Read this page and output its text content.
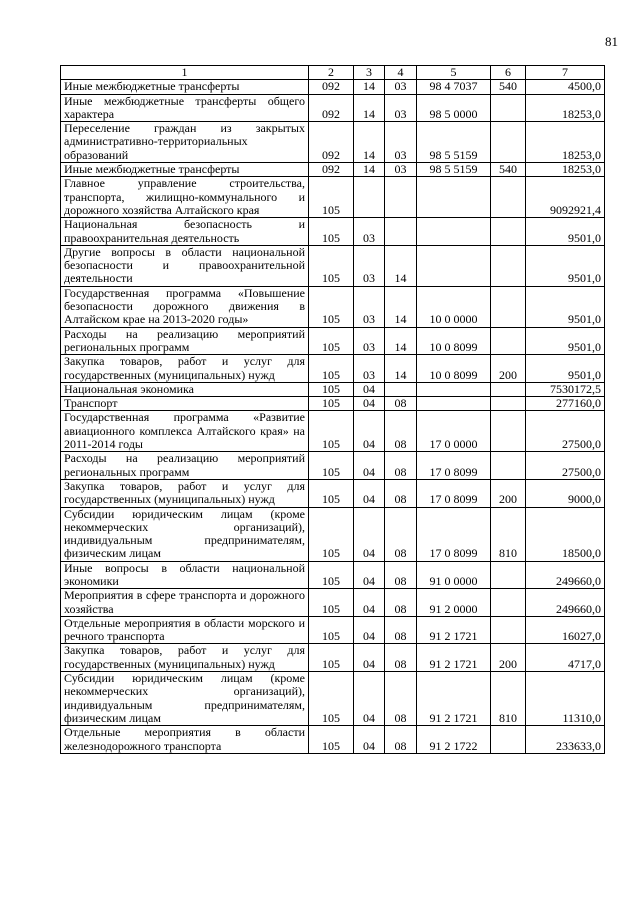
81
1	2	3	4	5	6	7
Иные межбюджетные трансферты	092	14	03	98 4 7037	540	4500,0
Иные межбюджетные трансферты общего характера	092	14	03	98 5 0000		18253,0
Переселение граждан из закрытых административно-территориальных образований	092	14	03	98 5 5159		18253,0
Иные межбюджетные трансферты	092	14	03	98 5 5159	540	18253,0
Главное управление строительства, транспорта, жилищно-коммунального и дорожного хозяйства Алтайского края	105					9092921,4
Национальная безопасность и правоохранительная деятельность	105	03				9501,0
Другие вопросы в области национальной безопасности и правоохранительной деятельности	105	03	14			9501,0
Государственная программа «Повышение безопасности дорожного движения в Алтайском крае на 2013-2020 годы»	105	03	14	10 0 0000		9501,0
Расходы на реализацию мероприятий региональных программ	105	03	14	10 0 8099		9501,0
Закупка товаров, работ и услуг для государственных (муниципальных) нужд	105	03	14	10 0 8099	200	9501,0
Национальная экономика	105	04				7530172,5
Транспорт	105	04	08			277160,0
Государственная программа «Развитие авиационного комплекса Алтайского края» на 2011-2014 годы	105	04	08	17 0 0000		27500,0
Расходы на реализацию мероприятий региональных программ	105	04	08	17 0 8099		27500,0
Закупка товаров, работ и услуг для государственных (муниципальных) нужд	105	04	08	17 0 8099	200	9000,0
Субсидии юридическим лицам (кроме некоммерческих организаций), индивидуальным предпринимателям, физическим лицам	105	04	08	17 0 8099	810	18500,0
Иные вопросы в области национальной экономики	105	04	08	91 0 0000		249660,0
Мероприятия в сфере транспорта и дорожного хозяйства	105	04	08	91 2 0000		249660,0
Отдельные мероприятия в области морского и речного транспорта	105	04	08	91 2 1721		16027,0
Закупка товаров, работ и услуг для государственных (муниципальных) нужд	105	04	08	91 2 1721	200	4717,0
Субсидии юридическим лицам (кроме некоммерческих организаций), индивидуальным предпринимателям, физическим лицам	105	04	08	91 2 1721	810	11310,0
Отдельные мероприятия в области железнодорожного транспорта	105	04	08	91 2 1722		233633,0
